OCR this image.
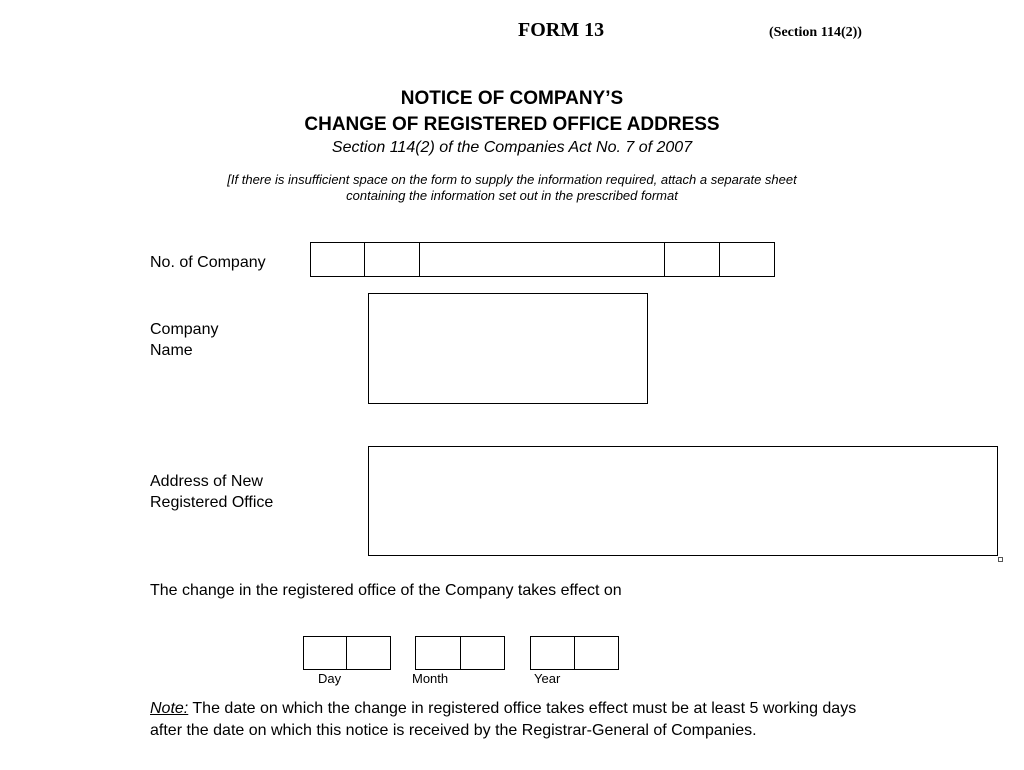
FORM 13	(Section 114(2))
NOTICE OF COMPANY’S
CHANGE OF REGISTERED OFFICE ADDRESS
Section 114(2) of the Companies Act No. 7 of 2007
[If there is insufficient space on the form to supply the information required, attach a separate sheet
containing the information set out in the prescribed format
No. of Company
Company
Name
Address of New
Registered Office
The change in the registered office of the Company takes effect on
Day	Month	Year
Note: The date on which the change in registered office takes effect must be at least 5 working days after the date on which this notice is received by the Registrar-General of Companies.
